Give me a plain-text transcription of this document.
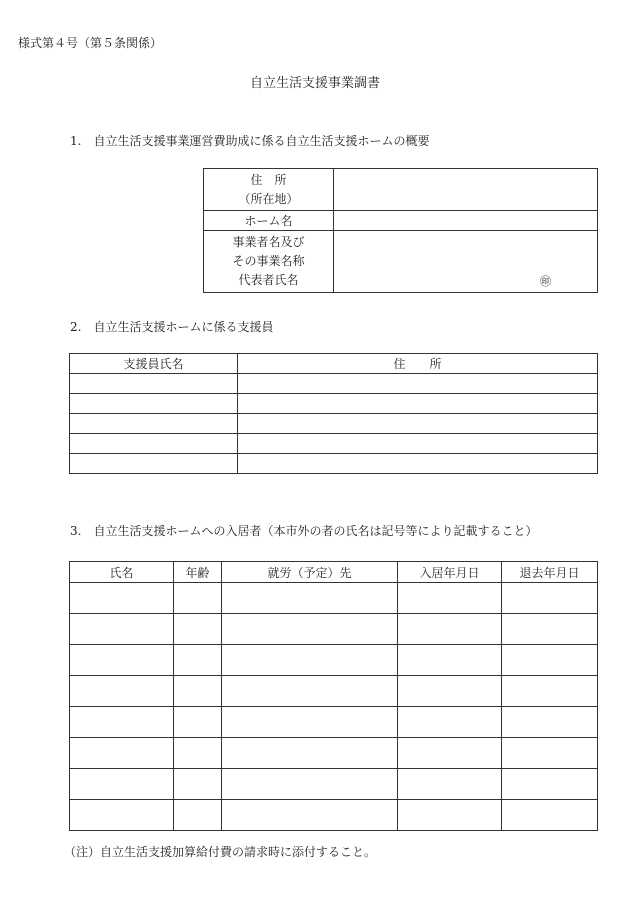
様式第４号（第５条関係）
自立生活支援事業調書
1.　自立生活支援事業運営費助成に係る自立生活支援ホームの概要
住　所
（所在地）	

ホーム名	

事業者名及び
その事業名称
代表者氏名	㊞
2.　自立生活支援ホームに係る支援員
支援員氏名	住　　所

3.　自立生活支援ホームへの入居者（本市外の者の氏名は記号等により記載すること）
氏名	年齢	就労（予定）先	入居年月日	退去年月日

（注）自立生活支援加算給付費の請求時に添付すること。
